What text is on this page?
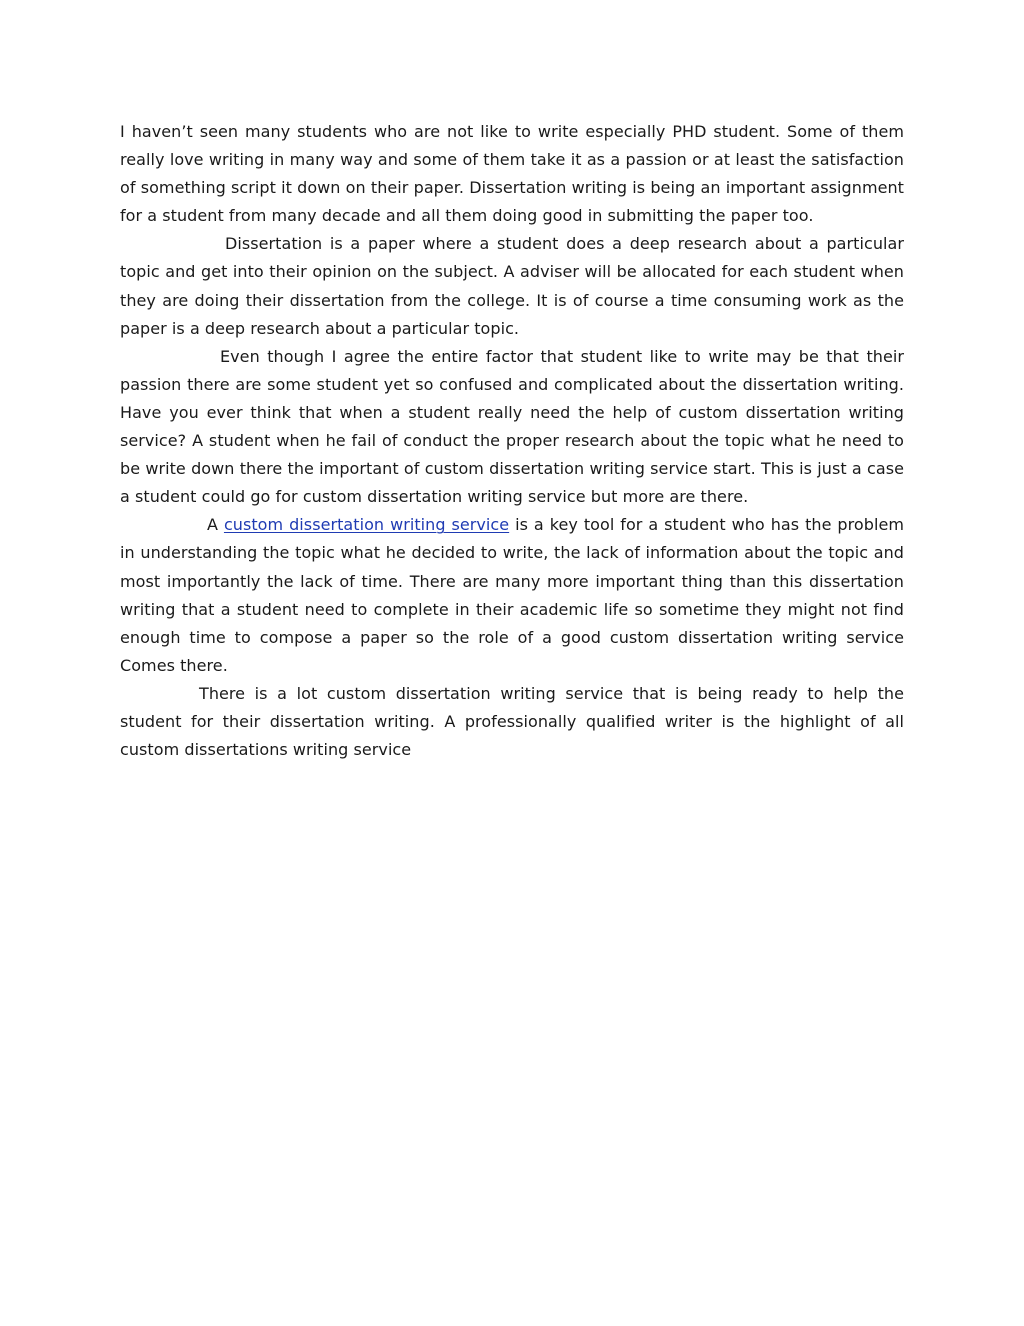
I haven’t seen many students who are not like to write especially PHD student. Some of them really love writing in many way and some of them take it as a passion or at least the satisfaction of something script it down on their paper. Dissertation writing is being an important assignment for a student from many decade and all them doing good in submitting the paper too.

Dissertation is a paper where a student does a deep research about a particular topic and get into their opinion on the subject. A adviser will be allocated for each student when they are doing their dissertation from the college. It is of course a time consuming work as the paper is a deep research about a particular topic.

Even though I agree the entire factor that student like to write may be that their passion there are some student yet so confused and complicated about the dissertation writing. Have you ever think that when a student really need the help of custom dissertation writing service? A student when he fail of conduct the proper research about the topic what he need to be write down there the important of custom dissertation writing service start. This is just a case a student could go for custom dissertation writing service but more are there.

A custom dissertation writing service is a key tool for a student who has the problem in understanding the topic what he decided to write, the lack of information about the topic and most importantly the lack of time. There are many more important thing than this dissertation writing that a student need to complete in their academic life so sometime they might not find enough time to compose a paper so the role of a good custom dissertation writing service Comes there.

There is a lot custom dissertation writing service that is being ready to help the student for their dissertation writing. A professionally qualified writer is the highlight of all custom dissertations writing service
